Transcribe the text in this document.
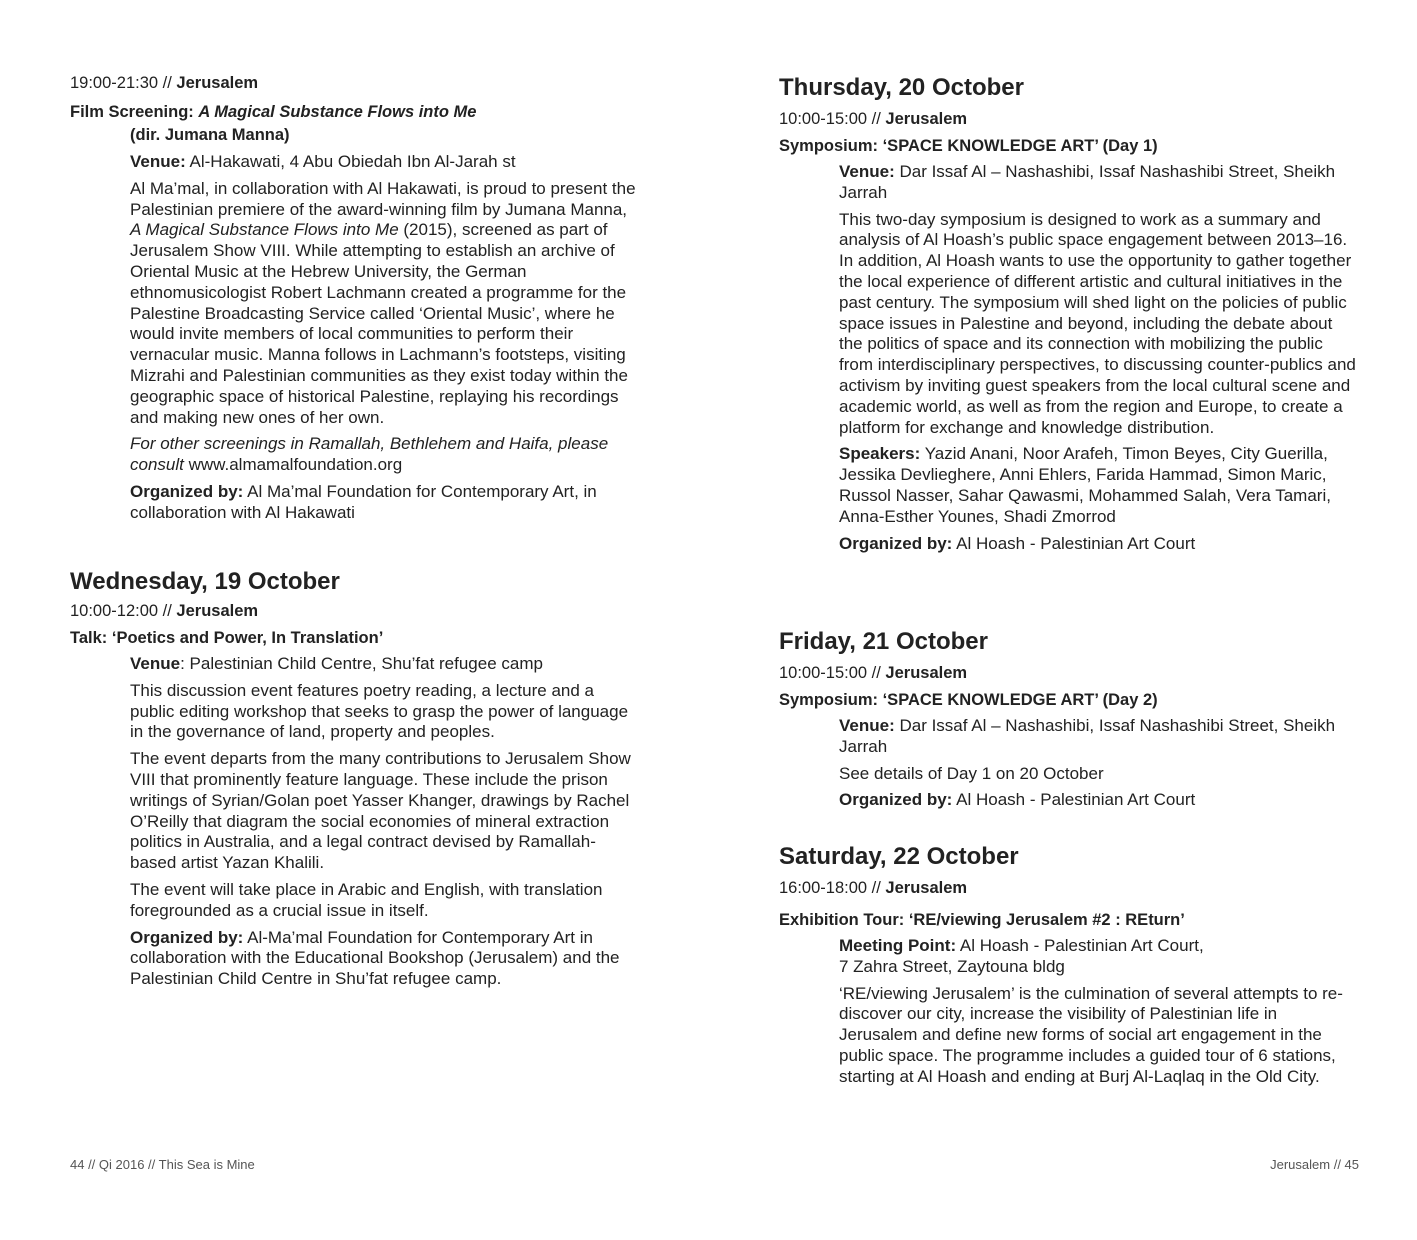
19:00-21:30 // Jerusalem

Film Screening: A Magical Substance Flows into Me

(dir. Jumana Manna)

Venue: Al-Hakawati, 4 Abu Obiedah Ibn Al-Jarah st

Al Ma’mal, in collaboration with Al Hakawati, is proud to present the Palestinian premiere of the award-winning film by Jumana Manna, A Magical Substance Flows into Me (2015), screened as part of Jerusalem Show VIII. While attempting to establish an archive of Oriental Music at the Hebrew University, the German ethnomusicologist Robert Lachmann created a programme for the Palestine Broadcasting Service called ‘Oriental Music’, where he would invite members of local communities to perform their vernacular music. Manna follows in Lachmann’s footsteps, visiting Mizrahi and Palestinian communities as they exist today within the geographic space of historical Palestine, replaying his recordings and making new ones of her own.

For other screenings in Ramallah, Bethlehem and Haifa, please consult www.almamalfoundation.org

Organized by: Al Ma’mal Foundation for Contemporary Art, in collaboration with Al Hakawati

Wednesday, 19 October

10:00-12:00 // Jerusalem

Talk: ‘Poetics and Power, In Translation’

Venue: Palestinian Child Centre, Shu’fat refugee camp

This discussion event features poetry reading, a lecture and a public editing workshop that seeks to grasp the power of language in the governance of land, property and peoples.

The event departs from the many contributions to Jerusalem Show VIII that prominently feature language. These include the prison writings of Syrian/Golan poet Yasser Khanger, drawings by Rachel O’Reilly that diagram the social economies of mineral extraction politics in Australia, and a legal contract devised by Ramallah-based artist Yazan Khalili.

The event will take place in Arabic and English, with translation foregrounded as a crucial issue in itself.

Organized by: Al-Ma’mal Foundation for Contemporary Art in collaboration with the Educational Bookshop (Jerusalem) and the Palestinian Child Centre in Shu’fat refugee camp.

Thursday, 20 October

10:00-15:00 // Jerusalem

Symposium: ‘SPACE KNOWLEDGE ART’ (Day 1)

Venue: Dar Issaf Al – Nashashibi, Issaf Nashashibi Street, Sheikh Jarrah

This two-day symposium is designed to work as a summary and analysis of Al Hoash’s public space engagement between 2013–16. In addition, Al Hoash wants to use the opportunity to gather together the local experience of different artistic and cultural initiatives in the past century. The symposium will shed light on the policies of public space issues in Palestine and beyond, including the debate about the politics of space and its connection with mobilizing the public from interdisciplinary perspectives, to discussing counter-publics and activism by inviting guest speakers from the local cultural scene and academic world, as well as from the region and Europe, to create a platform for exchange and knowledge distribution.

Speakers: Yazid Anani, Noor Arafeh, Timon Beyes, City Guerilla, Jessika Devlieghere, Anni Ehlers, Farida Hammad, Simon Maric, Russol Nasser, Sahar Qawasmi, Mohammed Salah, Vera Tamari, Anna-Esther Younes, Shadi Zmorrod

Organized by: Al Hoash - Palestinian Art Court

Friday, 21 October

10:00-15:00 // Jerusalem

Symposium: ‘SPACE KNOWLEDGE ART’ (Day 2)

Venue: Dar Issaf Al – Nashashibi, Issaf Nashashibi Street, Sheikh Jarrah

See details of Day 1 on 20 October

Organized by: Al Hoash - Palestinian Art Court

Saturday, 22 October

16:00-18:00 // Jerusalem

Exhibition Tour: ‘RE/viewing Jerusalem #2 : REturn’

Meeting Point: Al Hoash - Palestinian Art Court,
7 Zahra Street, Zaytouna bldg

‘RE/viewing Jerusalem’ is the culmination of several attempts to re-discover our city, increase the visibility of Palestinian life in Jerusalem and define new forms of social art engagement in the public space. The programme includes a guided tour of 6 stations, starting at Al Hoash and ending at Burj Al-Laqlaq in the Old City.

44 // Qi 2016 // This Sea is Mine	Jerusalem // 45
